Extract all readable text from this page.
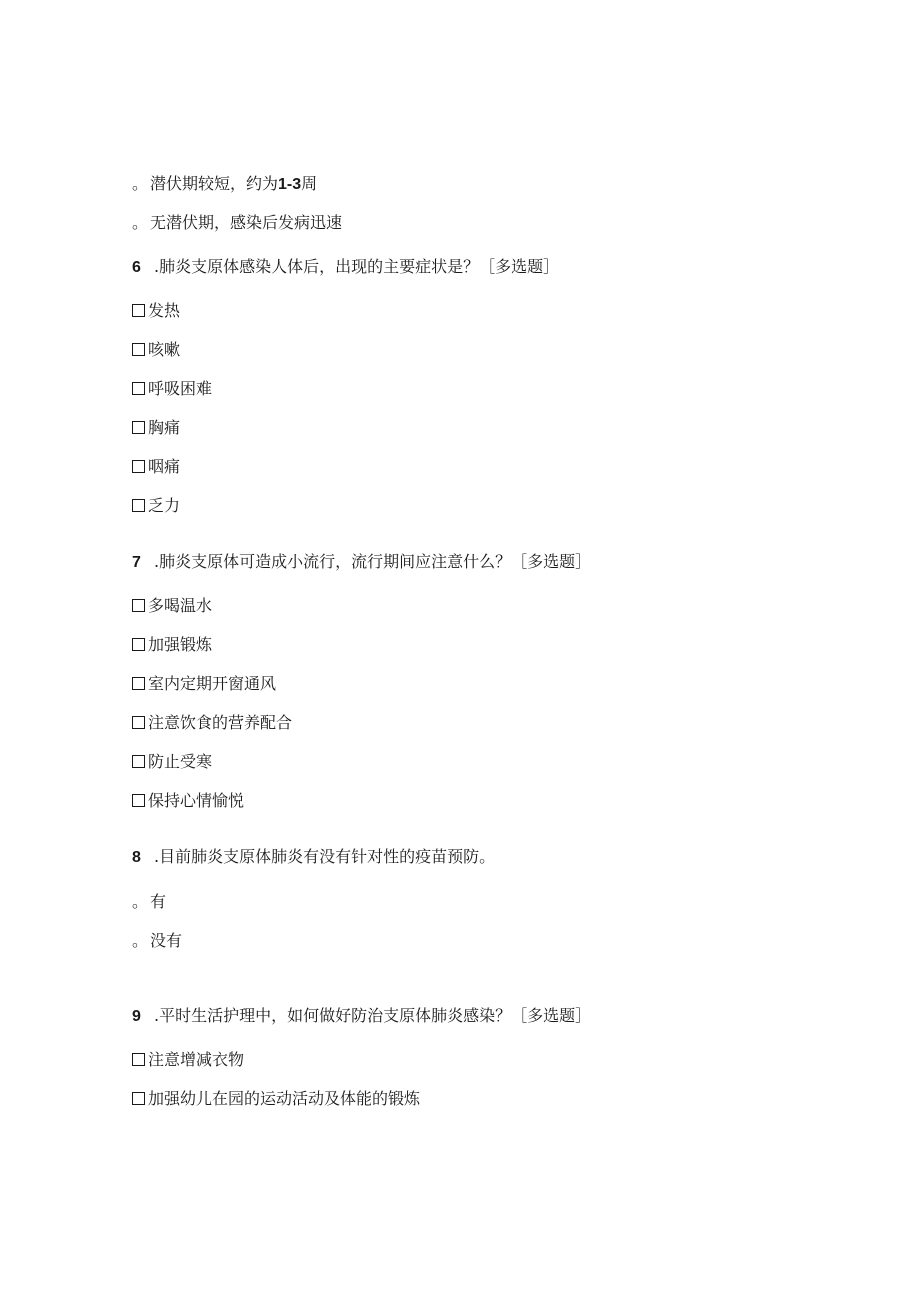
。 潜伏期较短，约为1-3周
。 无潜伏期，感染后发病迅速
6 .肺炎支原体感染人体后，出现的主要症状是？［多选题］
发热
咳嗽
呼吸困难
胸痛
咽痛
乏力
7 .肺炎支原体可造成小流行，流行期间应注意什么？［多选题］
多喝温水
加强锻炼
室内定期开窗通风
注意饮食的营养配合
防止受寒
保持心情愉悦
8 .目前肺炎支原体肺炎有没有针对性的疫苗预防。
。 有
。 没有
9 .平时生活护理中，如何做好防治支原体肺炎感染？［多选题］
注意增减衣物
加强幼儿在园的运动活动及体能的锻炼
